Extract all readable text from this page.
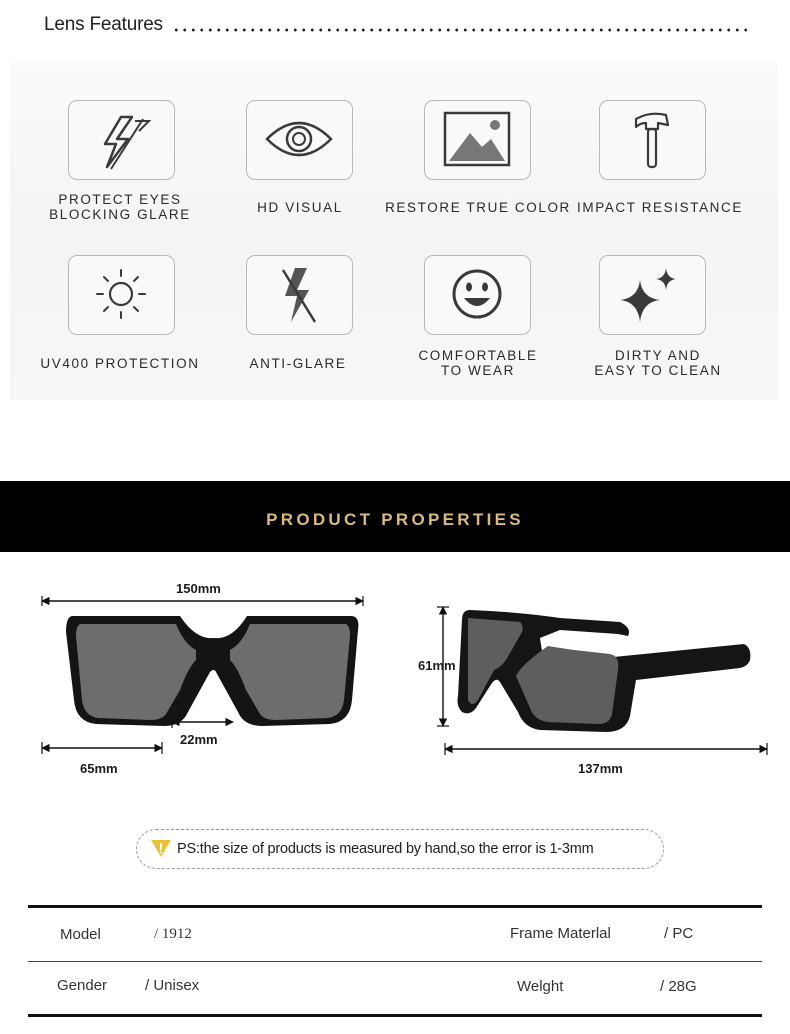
Lens Features
PROTECT EYES
BLOCKING GLARE	HD VISUAL	RESTORE TRUE COLOR IMPACT RESISTANCE
UV400 PROTECTION	ANTI-GLARE
COMFORTABLE
TO WEAR
DIRTY AND
EASY TO CLEAN
PRODUCT PROPERTIES
150mm
22mm
65mm
61mm
137mm
PS:the size of products is measured by hand,so the error is 1-3mm
Model	/ 1912	Frame Materlal	/ PC
Gender	/ Unisex	Welght	/ 28G
